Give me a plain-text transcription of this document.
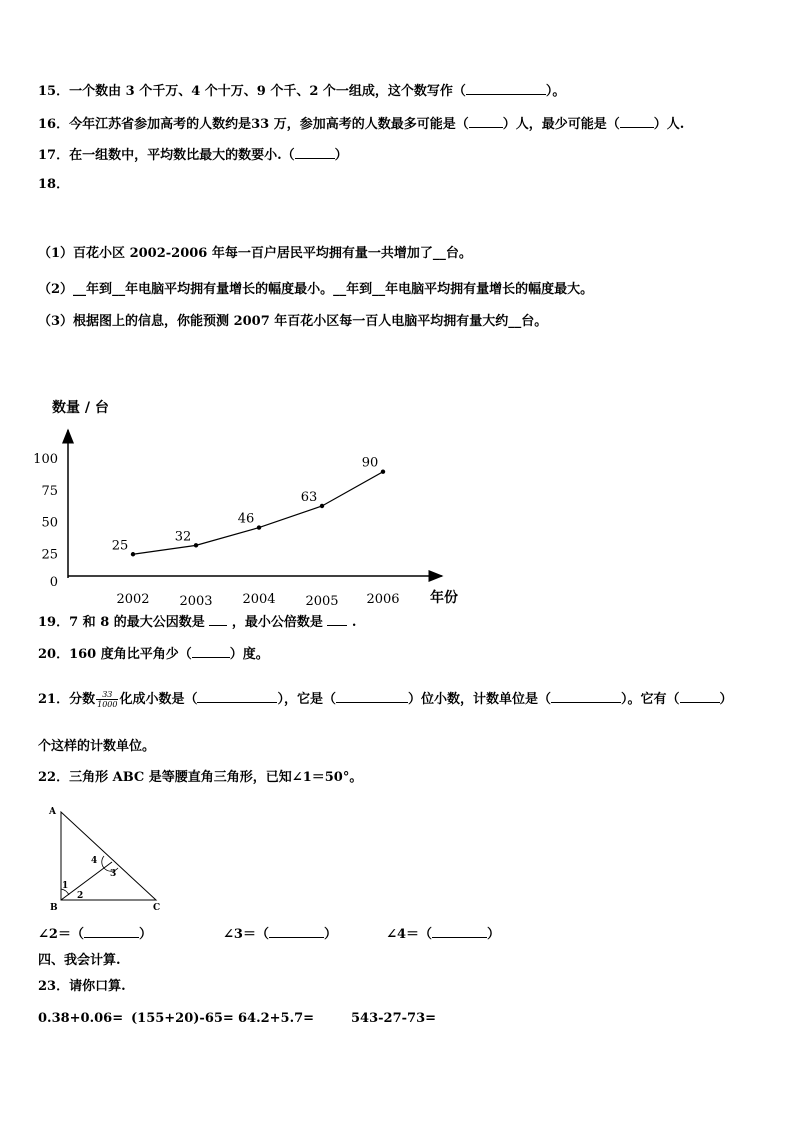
15．一个数由 3 个千万、4 个十万、9 个千、2 个一组成，这个数写作（	）。
16．今年江苏省参加高考的人数约是33 万，参加高考的人数最多可能是（	）人，最少可能是（	）人.
17．在一组数中，平均数比最大的数要小.（	）
18．
（1）百花小区 2002-2006 年每一百户居民平均拥有量一共增加了__台。
（2）__年到__年电脑平均拥有量增长的幅度最小。__年到__年电脑平均拥有量增长的幅度最大。
（3）根据图上的信息，你能预测 2007 年百花小区每一百人电脑平均拥有量大约__台。
数量 / 台
年份
0
25
50
75
100
2002 2003 2004 2005 2006
25
32
46
63
90
19．7 和 8 的最大公因数是 ，最小公倍数是 .
20．160 度角比平角少（	）度。
21．分数 $\frac{33}{1000}$ 化成小数是（	），它是（	）位小数，计数单位是（	）。它有（	）
个这样的计数单位。
22．三角形 ABC 是等腰直角三角形，已知∠1＝50°。
A
B	C
1
2
3
4
∠2＝（	）	∠3＝（	）	∠4＝（	）
四、我会计算.
23．请你口算.
0.38+0.06= (155+20)-65= 64.2+5.7=	543-27-73=
